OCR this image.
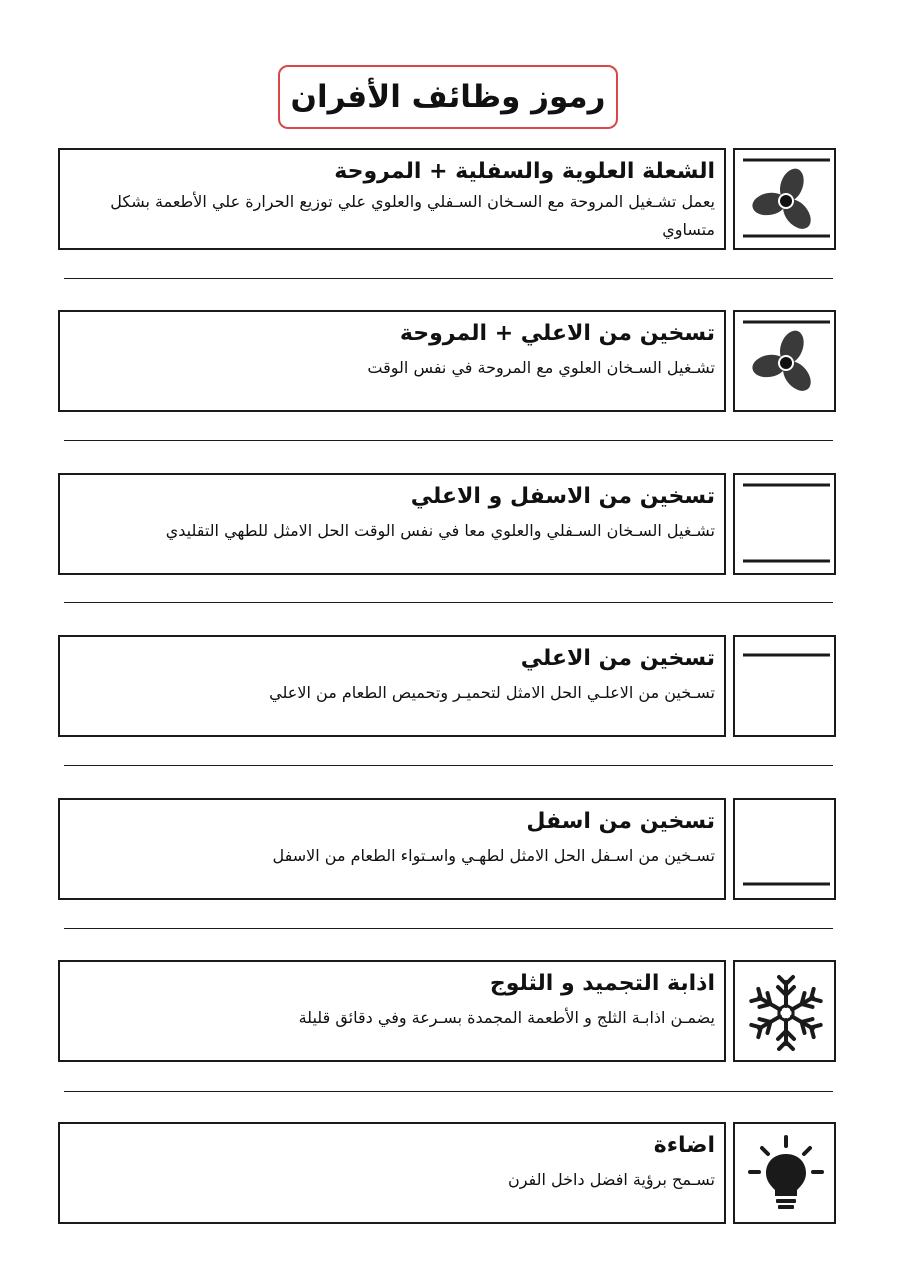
رموز وظائف الأفران
الشعلة العلوية والسفلية + المروحة

يعمل تشـغيل المروحة مع السـخان السـفلي والعلوي علي توزيع الحرارة علي الأطعمة بشكل متساوي

تسخين من الاعلي + المروحة

تشـغيل السـخان العلوي مع المروحة في نفس الوقت

تسخين من الاسفل و الاعلي

تشـغيل السـخان السـفلي والعلوي معا في نفس الوقت الحل الامثل للطهي التقليدي

تسخين من الاعلي

تسـخين من الاعلـي الحل الامثل لتحميـر وتحميص الطعام من الاعلي

تسخين من اسفل

تسـخين من اسـفل الحل الامثل لطهـي واسـتواء الطعام من الاسفل

اذابة التجميد و الثلوج

يضمـن اذابـة الثلج و الأطعمة المجمدة بسـرعة وفي دقائق قليلة

اضاءة

تسـمح برؤية افضل داخل الفرن
